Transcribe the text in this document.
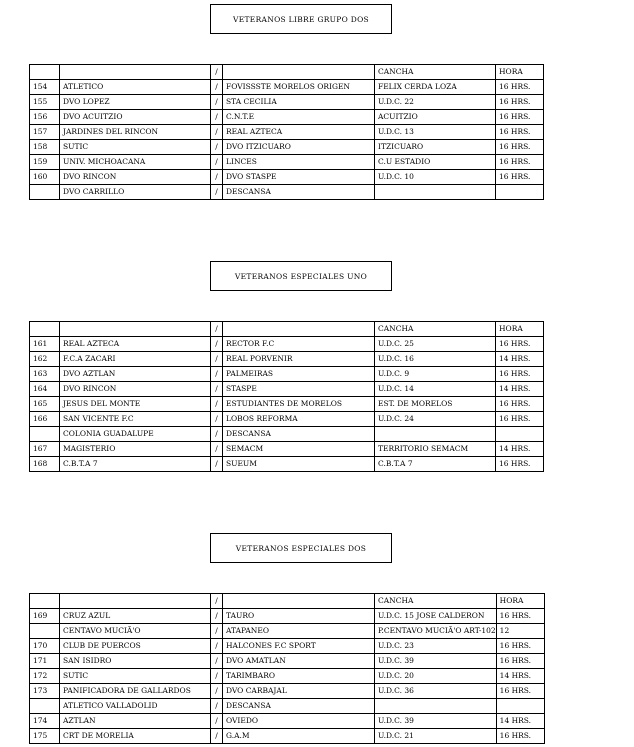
VETERANOS LIBRE GRUPO DOS
		/		CANCHA	HORA
154	ATLETICO	/	FOVISSSTE MORELOS ORIGEN	FELIX CERDA LOZA	16 HRS.
155	DVO LOPEZ	/	STA CECILIA	U.D.C. 22	16 HRS.
156	DVO ACUITZIO	/	C.N.T.E	ACUITZIO	16 HRS.
157	JARDINES DEL RINCON	/	REAL AZTECA	U.D.C. 13	16 HRS.
158	SUTIC	/	DVO ITZICUARO	ITZICUARO	16 HRS.
159	UNIV. MICHOACANA	/	LINCES	C.U ESTADIO	16 HRS.
160	DVO RINCON	/	DVO STASPE	U.D.C. 10	16 HRS.
	DVO CARRILLO	/	DESCANSA		
VETERANOS ESPECIALES UNO
		/		CANCHA	HORA
161	REAL AZTECA	/	RECTOR F.C	U.D.C. 25	16 HRS.
162	F.C.A ZACARI	/	REAL PORVENIR	U.D.C. 16	14 HRS.
163	DVO AZTLAN	/	PALMEIRAS	U.D.C. 9	16 HRS.
164	DVO RINCON	/	STASPE	U.D.C. 14	14 HRS.
165	JESUS DEL MONTE	/	ESTUDIANTES DE MORELOS	EST. DE MORELOS	16 HRS.
166	SAN VICENTE F.C	/	LOBOS REFORMA	U.D.C. 24	16 HRS.
	COLONIA GUADALUPE	/	DESCANSA		
167	MAGISTERIO	/	SEMACM	TERRITORIO SEMACM	14 HRS.
168	C.B.T.A 7	/	SUEUM	C.B.T.A 7	16 HRS.
VETERANOS ESPECIALES DOS
		/		CANCHA	HORA
169	CRUZ AZUL	/	TAURO	U.D.C. 15 JOSE CALDERON	16 HRS.
	CENTAVO MUCIÃ'O	/	ATAPANEO	P.CENTAVO MUCIÃ'O ART-102	12
170	CLUB DE PUERCOS	/	HALCONES F.C SPORT	U.D.C. 23	16 HRS.
171	SAN ISIDRO	/	DVO AMATLAN	U.D.C. 39	16 HRS.
172	SUTIC	/	TARIMBARO	U.D.C. 20	14 HRS.
173	PANIFICADORA DE GALLARDOS	/	DVO CARBAJAL	U.D.C. 36	16 HRS.
	ATLETICO VALLADOLID	/	DESCANSA		
174	AZTLAN	/	OVIEDO	U.D.C. 39	14 HRS.
175	CRT DE MORELIA	/	G.A.M	U.D.C. 21	16 HRS.
